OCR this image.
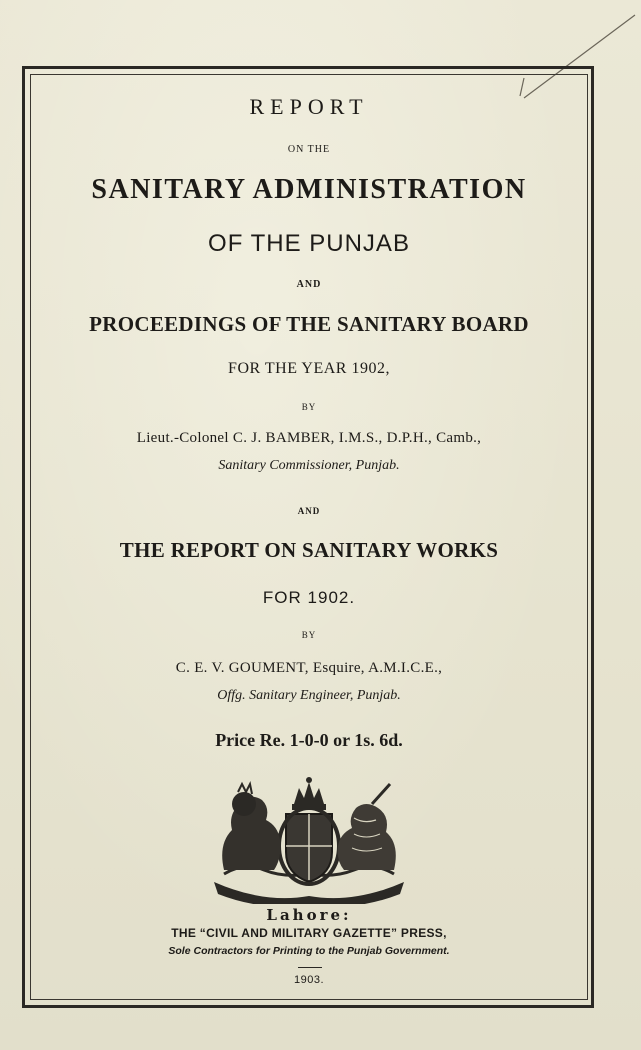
REPORT
ON THE
SANITARY ADMINISTRATION
OF THE PUNJAB
AND
PROCEEDINGS OF THE SANITARY BOARD
FOR THE YEAR 1902,
BY
Lieut.-Colonel C. J. BAMBER, I.M.S., D.P.H., Camb.,
Sanitary Commissioner, Punjab.
AND
THE REPORT ON SANITARY WORKS
FOR 1902.
BY
C. E. V. GOUMENT, Esquire, A.M.I.C.E.,
Offg. Sanitary Engineer, Punjab.
Price Re. 1-0-0 or 1s. 6d.
Lahore:
THE “CIVIL AND MILITARY GAZETTE” PRESS,
Sole Contractors for Printing to the Punjab Government.
1903.
